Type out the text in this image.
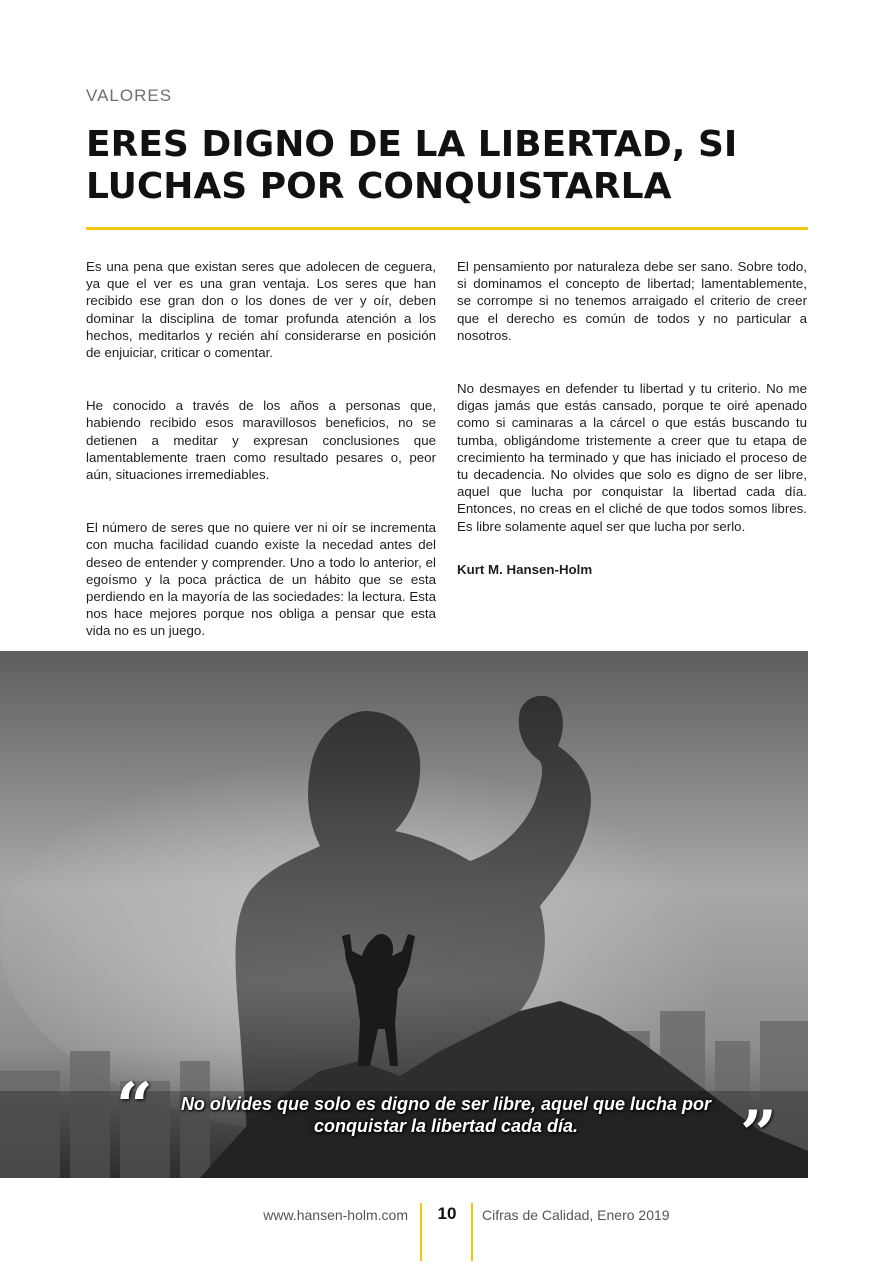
VALORES
ERES DIGNO DE LA LIBERTAD, SI LUCHAS POR CONQUISTARLA

Es una pena que existan seres que adolecen de ceguera, ya que el ver es una gran ventaja. Los seres que han recibido ese gran don o los dones de ver y oír, deben dominar la disciplina de tomar profunda atención a los hechos, meditarlos y recién ahí considerarse en posición de enjuiciar, criticar o comentar.

He conocido a través de los años a personas que, habiendo recibido esos maravillosos beneficios, no se detienen a meditar y expresan conclusiones que lamentablemente traen como resultado pesares o, peor aún, situaciones irremediables.

El número de seres que no quiere ver ni oír se incrementa con mucha facilidad cuando existe la necedad antes del deseo de entender y comprender. Uno a todo lo anterior, el egoísmo y la poca práctica de un hábito que se esta perdiendo en la mayoría de las sociedades: la lectura. Esta nos hace mejores porque nos obliga a pensar que esta vida no es un juego.

El pensamiento por naturaleza debe ser sano. Sobre todo, si dominamos el concepto de libertad; lamentablemente, se corrompe si no tenemos arraigado el criterio de creer que el derecho es común de todos y no particular a nosotros.

No desmayes en defender tu libertad y tu criterio. No me digas jamás que estás cansado, porque te oiré apenado como si caminaras a la cárcel o que estás buscando tu tumba, obligándome tristemente a creer que tu etapa de crecimiento ha terminado y que has iniciado el proceso de tu decadencia. No olvides que solo es digno de ser libre, aquel que lucha por conquistar la libertad cada día. Entonces, no creas en el cliché de que todos somos libres. Es libre solamente aquel ser que lucha por serlo.

Kurt M. Hansen-Holm

“	No olvides que solo es digno de ser libre, aquel que lucha por
conquistar la libertad cada día.	”
www.hansen-holm.com	10	Cifras de Calidad, Enero 2019
